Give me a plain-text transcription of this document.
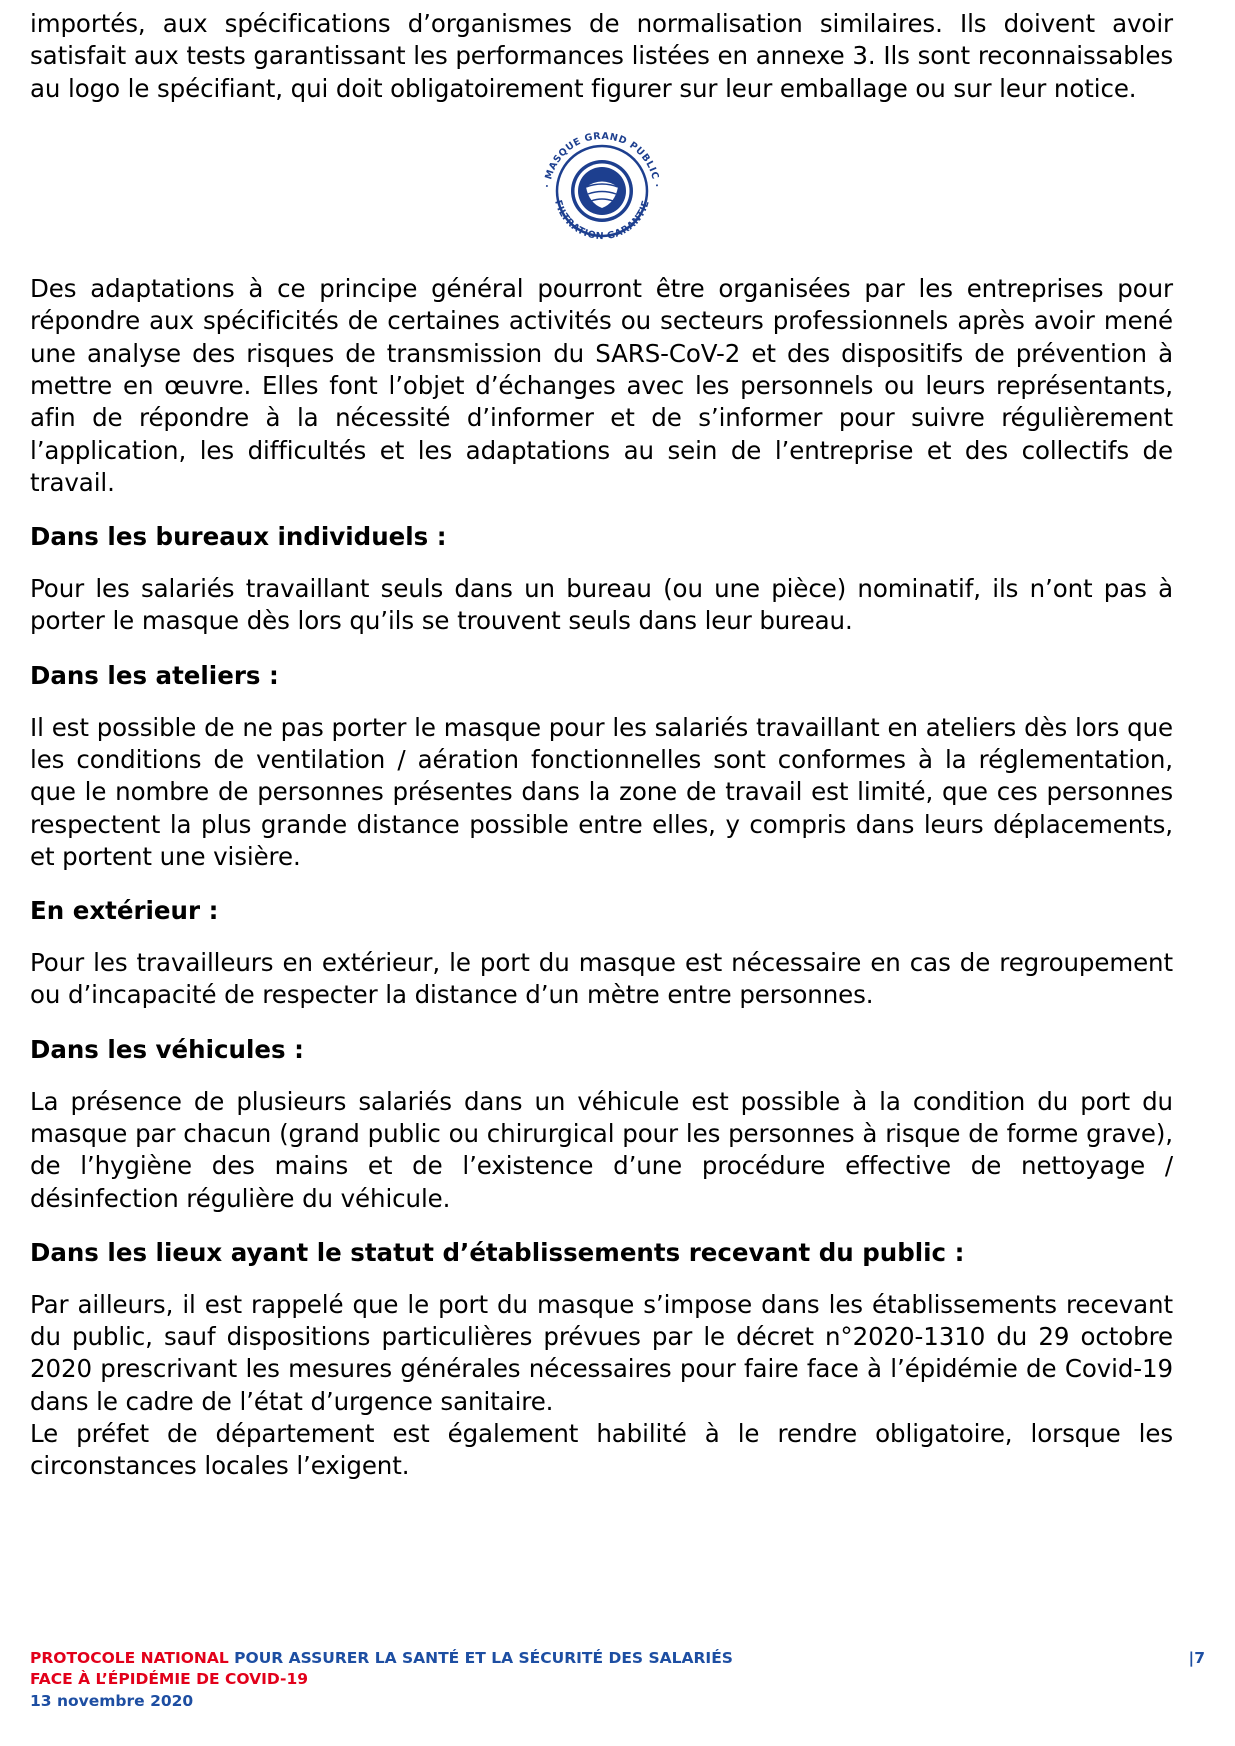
importés, aux spécifications d’organismes de normalisation similaires. Ils doivent avoir satisfait aux tests garantissant les performances listées en annexe 3. Ils sont reconnaissables au logo le spécifiant, qui doit obligatoirement figurer sur leur emballage ou sur leur notice.

· MASQUE GRAND PUBLIC ·
· FILTRATION GARANTIE ·

Des adaptations à ce principe général pourront être organisées par les entreprises pour répondre aux spécificités de certaines activités ou secteurs professionnels après avoir mené une analyse des risques de transmission du SARS-CoV-2 et des dispositifs de prévention à mettre en œuvre. Elles font l’objet d’échanges avec les personnels ou leurs représentants, afin de répondre à la nécessité d’informer et de s’informer pour suivre régulièrement l’application, les difficultés et les adaptations au sein de l’entreprise et des collectifs de travail.

Dans les bureaux individuels :

Pour les salariés travaillant seuls dans un bureau (ou une pièce) nominatif, ils n’ont pas à porter le masque dès lors qu’ils se trouvent seuls dans leur bureau.

Dans les ateliers :

Il est possible de ne pas porter le masque pour les salariés travaillant en ateliers dès lors que les conditions de ventilation / aération fonctionnelles sont conformes à la réglementation, que le nombre de personnes présentes dans la zone de travail est limité, que ces personnes respectent la plus grande distance possible entre elles, y compris dans leurs déplacements, et portent une visière.

En extérieur :

Pour les travailleurs en extérieur, le port du masque est nécessaire en cas de regroupement ou d’incapacité de respecter la distance d’un mètre entre personnes.

Dans les véhicules :

La présence de plusieurs salariés dans un véhicule est possible à la condition du port du masque par chacun (grand public ou chirurgical pour les personnes à risque de forme grave), de l’hygiène des mains et de l’existence d’une procédure effective de nettoyage / désinfection régulière du véhicule.

Dans les lieux ayant le statut d’établissements recevant du public :

Par ailleurs, il est rappelé que le port du masque s’impose dans les établissements recevant du public, sauf dispositions particulières prévues par le décret n°2020-1310 du 29 octobre 2020 prescrivant les mesures générales nécessaires pour faire face à l’épidémie de Covid-19 dans le cadre de l’état d’urgence sanitaire.

Le préfet de département est également habilité à le rendre obligatoire, lorsque les circonstances locales l’exigent.

PROTOCOLE NATIONAL POUR ASSURER LA SANTÉ ET LA SÉCURITÉ DES SALARIÉS
FACE À L’ÉPIDÉMIE DE COVID-19
13 novembre 2020
|7
